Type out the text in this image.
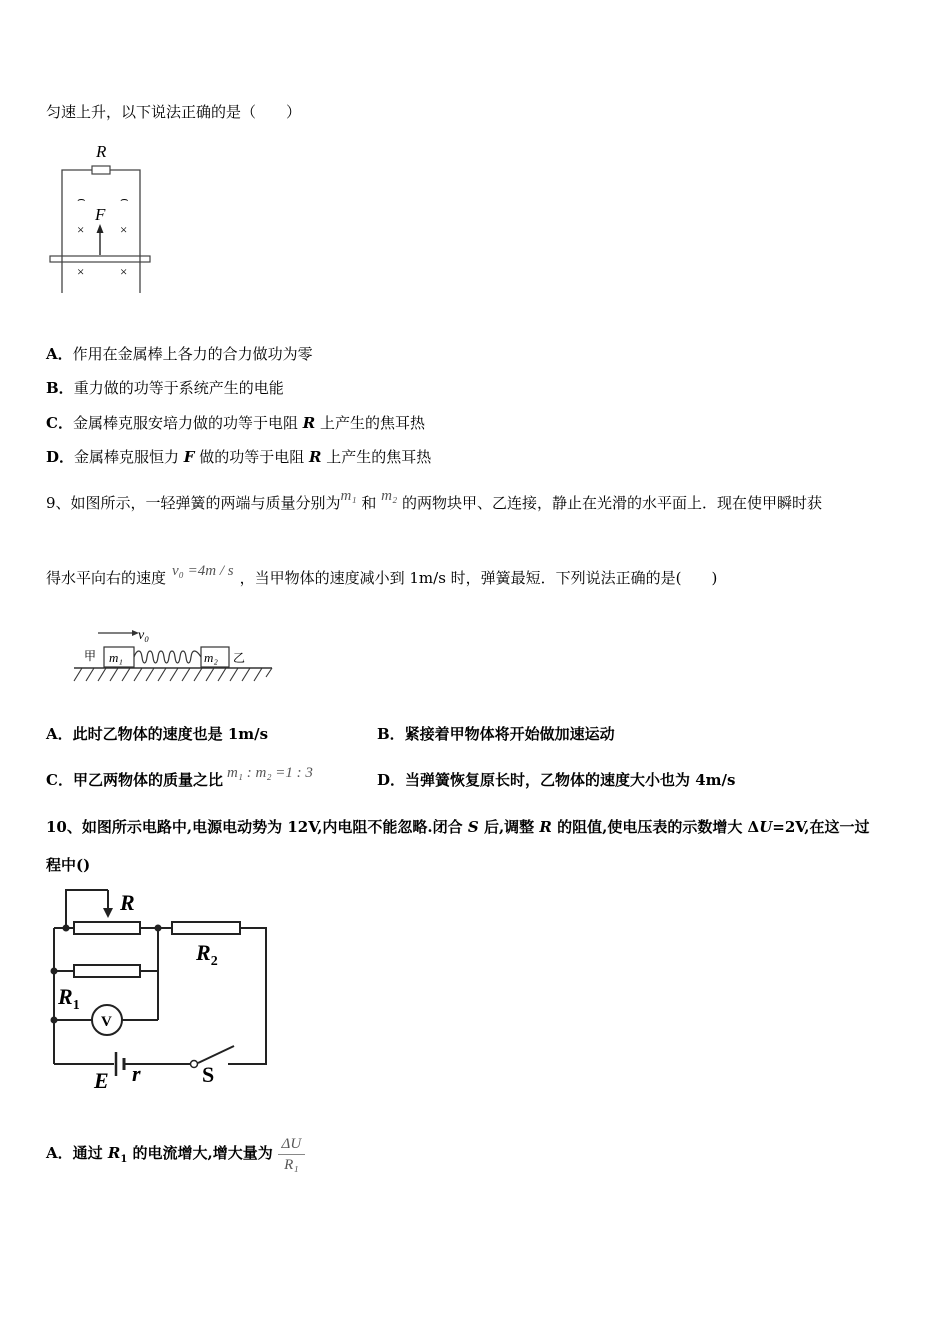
匀速上升，以下说法正确的是（　　）
R
⌢	⌢
F
×	×
×	×
A．作用在金属棒上各力的合力做功为零
B．重力做的功等于系统产生的电能
C．金属棒克服安培力做的功等于电阻 R 上产生的焦耳热
D．金属棒克服恒力 F 做的功等于电阻 R 上产生的焦耳热
9、如图所示，一轻弹簧的两端与质量分别为m₁ 和 m₂ 的两物块甲、乙连接，静止在光滑的水平面上．现在使甲瞬时获
得水平向右的速度 v₀ =4m / s ，当甲物体的速度减小到 1m/s 时，弹簧最短．下列说法正确的是(　　)
v₀
甲 m₁	m₂ 乙
A．此时乙物体的速度也是 1m/s	B．紧接着甲物体将开始做加速运动
C．甲乙两物体的质量之比 m₁ : m₂ =1 : 3	D．当弹簧恢复原长时，乙物体的速度大小也为 4m/s
10、如图所示电路中,电源电动势为 12V,内电阻不能忽略.闭合 S 后,调整 R 的阻值,使电压表的示数增大 ΔU=2V,在这一过
程中()
R
$R_2$
$R_1$
V
E r	S
A．通过 $R_1$ 的电流增大,增大量为 $\frac{\Delta U}{\text{R₁}}$
